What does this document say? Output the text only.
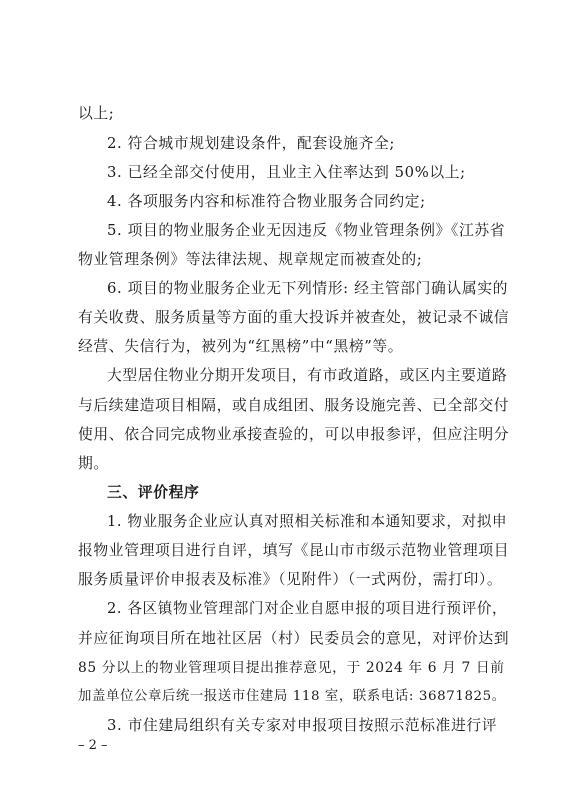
以上;
2. 符合城市规划建设条件，配套设施齐全;
3. 已经全部交付使用，且业主入住率达到 50%以上;
4. 各项服务内容和标准符合物业服务合同约定;
5. 项目的物业服务企业无因违反《物业管理条例》《江苏省
物业管理条例》等法律法规、规章规定而被查处的;
6. 项目的物业服务企业无下列情形: 经主管部门确认属实的
有关收费、服务质量等方面的重大投诉并被查处，被记录不诚信
经营、失信行为，被列为“红黑榜”中“黑榜”等。
大型居住物业分期开发项目，有市政道路，或区内主要道路
与后续建造项目相隔，或自成组团、服务设施完善、已全部交付
使用、依合同完成物业承接查验的，可以申报参评，但应注明分
期。
三、评价程序
1. 物业服务企业应认真对照相关标准和本通知要求，对拟申
报物业管理项目进行自评，填写《昆山市市级示范物业管理项目
服务质量评价申报表及标准》（见附件）（一式两份，需打印）。
2. 各区镇物业管理部门对企业自愿申报的项目进行预评价，
并应征询项目所在地社区居（村）民委员会的意见，对评价达到
85 分以上的物业管理项目提出推荐意见，于 2024 年 6 月 7 日前
加盖单位公章后统一报送市住建局 118 室，联系电话: 36871825。
3. 市住建局组织有关专家对申报项目按照示范标准进行评
– 2 –
